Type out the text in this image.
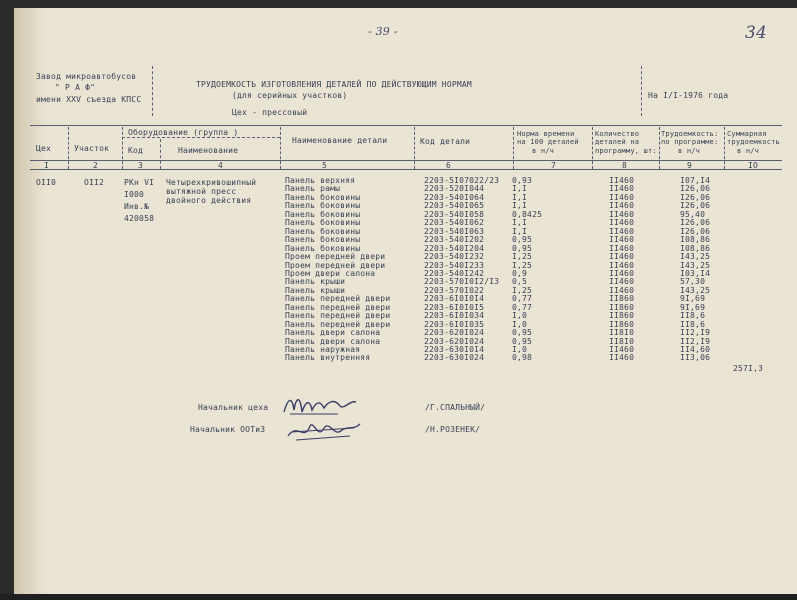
- 39 -	34
Завод микроавтобусов
" Р А Ф"
имени XXV съезда КПСС
ТРУДОЕМКОСТЬ ИЗГОТОВЛЕНИЯ ДЕТАЛЕЙ ПО ДЕЙСТВУЮЩИМ НОРМАМ
(для серийных участков)
Цех - прессовый
На I/I-1976 года
Цех	Участок
Оборудование (группа )
Код	Наименование
Наименование детали	Код детали
Норма времени
на 100 деталей
в н/ч
Количество
деталей на
программу, шт:
Трудоемкость:
по программе:
в н/ч
Суммарная
трудоемкость
в н/ч
I	2	3	4	5	6	7	8	9	IO
OII0	OII2 РКн VI
I000
Инв.№
420058
Четырехкривошипный
вытяжной пресс
двойного действия
Панель верхняя	2203-5I07022/23 0,93	II460	I07,I4
Панель рамы	2203-520I044	I,I	II460	I26,06
Панель боковины	2203-540I064	I,I	II460	I26,06
Панель боковины	2203-540I065	I,I	II460	I26,06
Панель боковины	2203-540I058	0,8425	II460	95,40
Панель боковины	2203-540I062	I,I	II460	I26,06
Панель боковины	2203-540I063	I,I	II460	I26,06
Панель боковины	2203-540I202	0,95	II460	I08,86
Панель боковины	2203-540I204	0,95	II460	I08,86
Проем передней двери	2203-540I232	I,25	II460	I43,25
Проем передней двери	2203-540I233	I,25	II460	I43,25
Проем двери салона	2203-540I242	0,9	II460	I03,I4
Панель крыши	2203-570I0I2/I3 0,5	II460	57,30
Панель крыши	2203-570I022	I,25	II460	I43,25
Панель передней двери	2203-6I0I0I4	0,77	II860	9I,69
Панель передней двери	2203-6I0I0I5	0,77	II860	9I,69
Панель передней двери	2203-6I0I034	I,0	II860	II8,6
Панель передней двери	2203-6I0I035	I,0	II860	II8,6
Панель двери салона	2203-620I024	0,95	II8I0	II2,I9
Панель двери салона	2203-620I024	0,95	II8I0	II2,I9
Панель наружная	2203-630I0I4	I,0	II460	II4,60
Панель внутренняя	2203-630I024	0,98	II460	II3,06
257I,3
Начальник цеха	/Г.СПАЛЬНЫЙ/
Начальник ООТиЗ	/Н.РОЗЕНЕК/
